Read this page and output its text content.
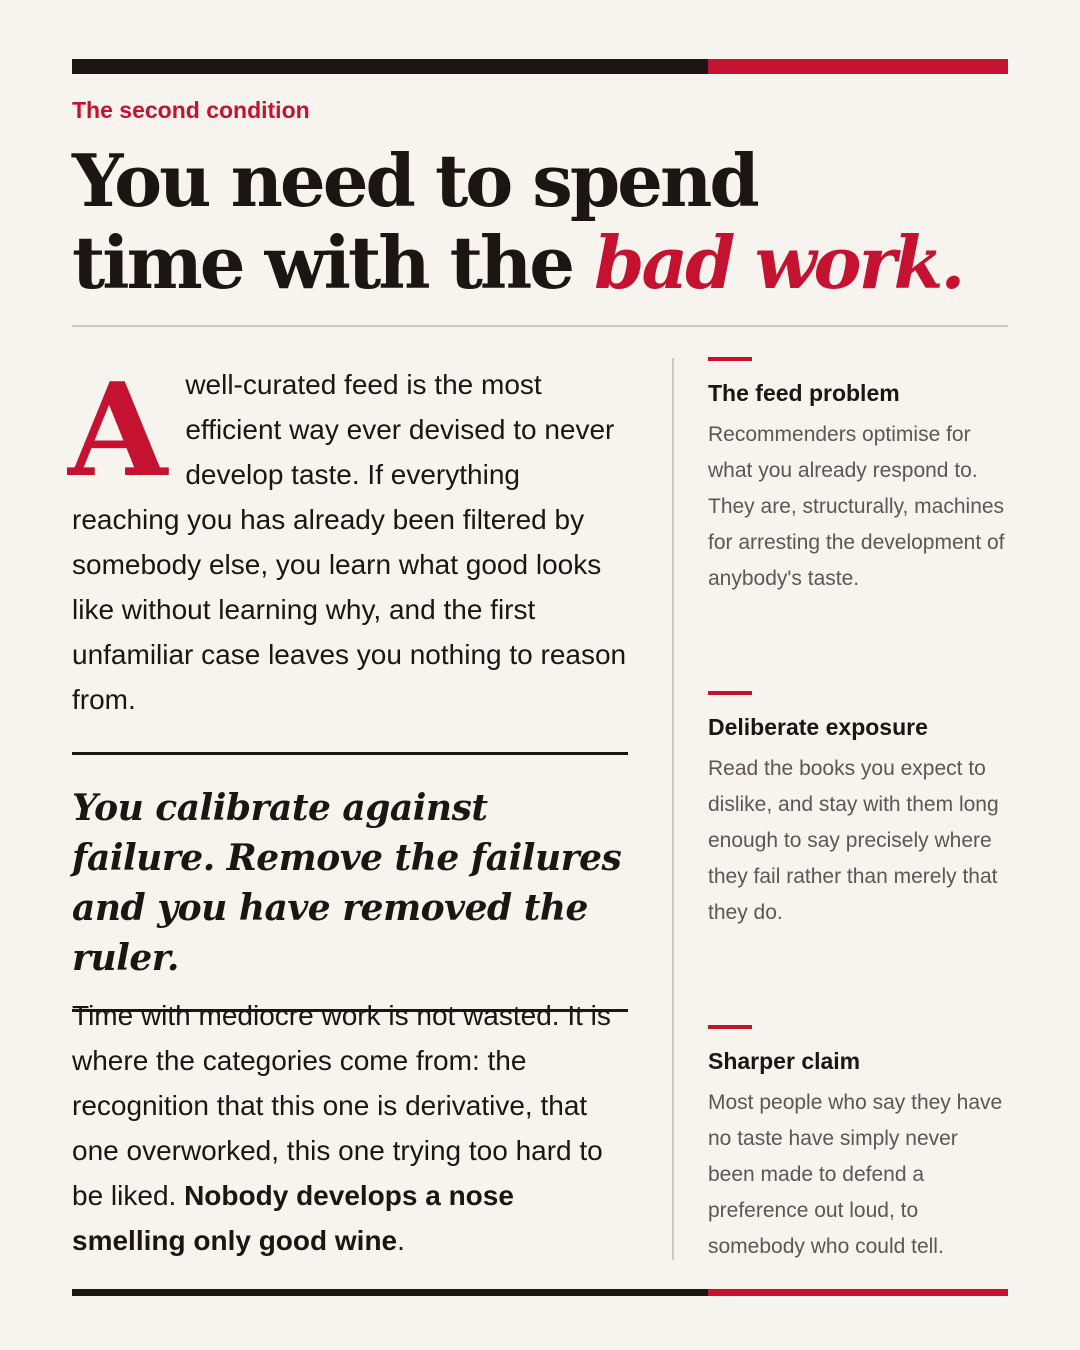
The second condition
You need to spend
time with the bad work.

A well-curated feed is the most efficient way ever devised to never develop taste. If everything reaching you has already been filtered by somebody else, you learn what good looks like without learning why, and the first unfamiliar case leaves you nothing to reason from.

You calibrate against failure. Remove the failures and you have removed the ruler.

Time with mediocre work is not wasted. It is where the categories come from: the recognition that this one is derivative, that one overworked, this one trying too hard to be liked. Nobody develops a nose smelling only good wine.

The feed problem
Recommenders optimise for what you already respond to. They are, structurally, machines for arresting the development of anybody's taste.
Deliberate exposure
Read the books you expect to dislike, and stay with them long enough to say precisely where they fail rather than merely that they do.
Sharper claim
Most people who say they have no taste have simply never been made to defend a preference out loud, to somebody who could tell.
